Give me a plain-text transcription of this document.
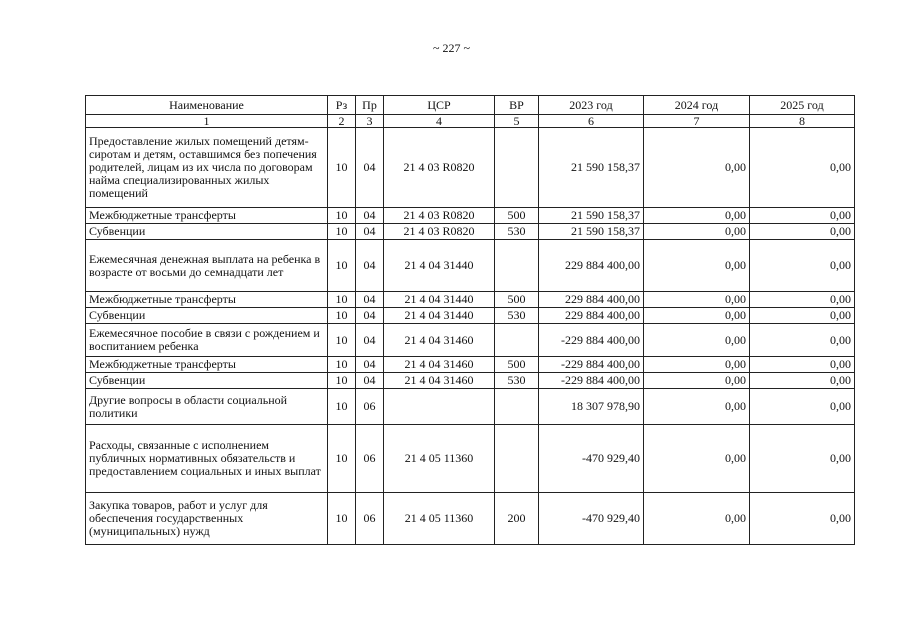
~ 227 ~
Наименование	Рз	Пр	ЦСР	ВР	2023 год	2024 год	2025 год
1	2	3	4	5	6	7	8
Предоставление жилых помещений детям-сиротам и детям, оставшимся без попечения родителей, лицам из их числа по договорам найма специализированных жилых помещений	10	04	21 4 03 R0820		21 590 158,37	0,00	0,00
Межбюджетные трансферты	10	04	21 4 03 R0820	500	21 590 158,37	0,00	0,00
Субвенции	10	04	21 4 03 R0820	530	21 590 158,37	0,00	0,00
Ежемесячная денежная выплата на ребенка в возрасте от восьми до семнадцати лет	10	04	21 4 04 31440		229 884 400,00	0,00	0,00
Межбюджетные трансферты	10	04	21 4 04 31440	500	229 884 400,00	0,00	0,00
Субвенции	10	04	21 4 04 31440	530	229 884 400,00	0,00	0,00
Ежемесячное пособие в связи с рождением и воспитанием ребенка	10	04	21 4 04 31460		-229 884 400,00	0,00	0,00
Межбюджетные трансферты	10	04	21 4 04 31460	500	-229 884 400,00	0,00	0,00
Субвенции	10	04	21 4 04 31460	530	-229 884 400,00	0,00	0,00
Другие вопросы в области социальной политики	10	06			18 307 978,90	0,00	0,00
Расходы, связанные с исполнением публичных нормативных обязательств и предоставлением социальных и иных выплат	10	06	21 4 05 11360		-470 929,40	0,00	0,00
Закупка товаров, работ и услуг для обеспечения государственных (муниципальных) нужд	10	06	21 4 05 11360	200	-470 929,40	0,00	0,00
